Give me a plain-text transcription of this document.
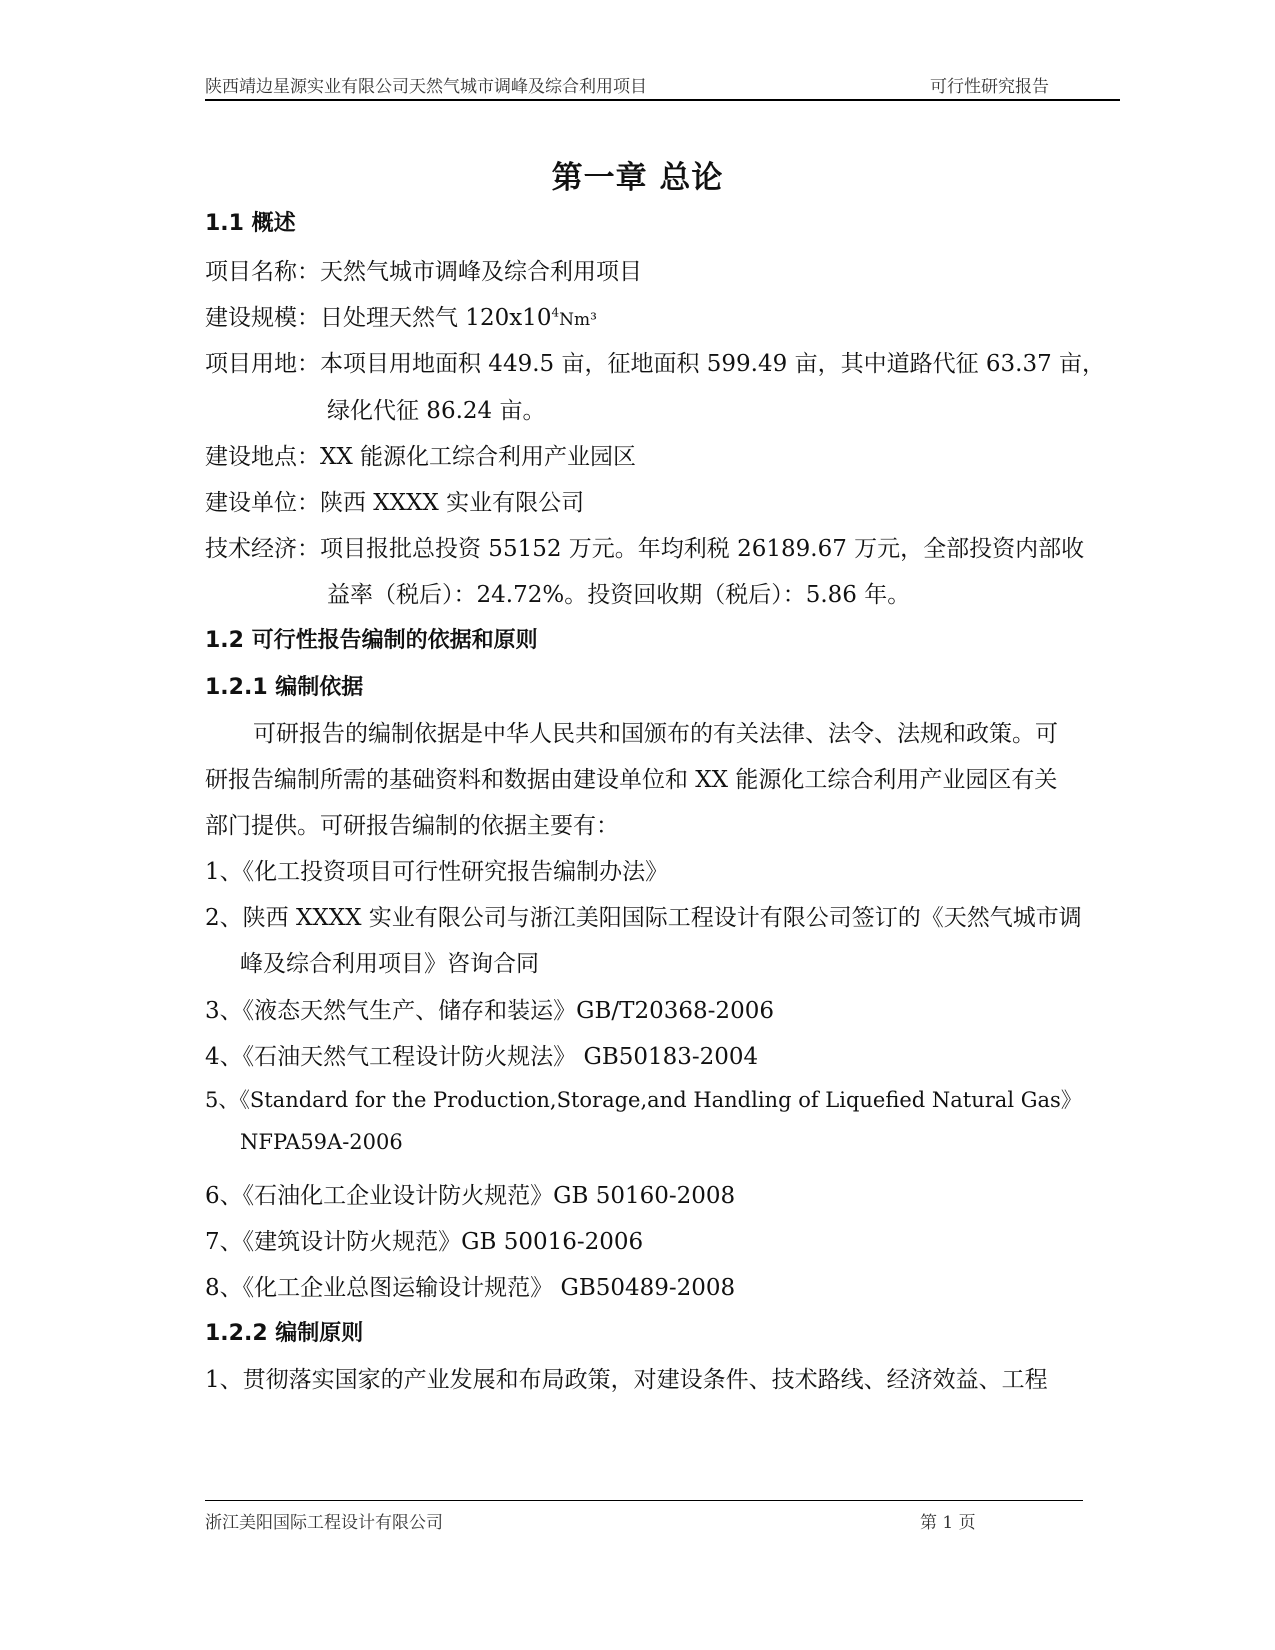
陕西靖边星源实业有限公司天然气城市调峰及综合利用项目	可行性研究报告
第一章 总论
1.1 概述
项目名称：天然气城市调峰及综合利用项目
建设规模：日处理天然气 $120x10^4Nm^3$
项目用地：本项目用地面积 449.5 亩，征地面积 599.49 亩，其中道路代征 63.37 亩，
绿化代征 86.24 亩。
建设地点：XX 能源化工综合利用产业园区
建设单位：陕西 XXXX 实业有限公司
技术经济：项目报批总投资 55152 万元。年均利税 26189.67 万元，全部投资内部收
益率（税后）：24.72%。投资回收期（税后）：5.86 年。
1.2 可行性报告编制的依据和原则
1.2.1 编制依据
可研报告的编制依据是中华人民共和国颁布的有关法律、法令、法规和政策。可
研报告编制所需的基础资料和数据由建设单位和 XX 能源化工综合利用产业园区有关
部门提供。可研报告编制的依据主要有：
1、《化工投资项目可行性研究报告编制办法》
2、陕西 XXXX 实业有限公司与浙江美阳国际工程设计有限公司签订的《天然气城市调
峰及综合利用项目》咨询合同
3、《液态天然气生产、储存和装运》GB/T20368-2006
4、《石油天然气工程设计防火规法》 GB50183-2004
5、《Standard for the Production,Storage,and Handling of Liquefied Natural Gas》
NFPA59A-2006
6、《石油化工企业设计防火规范》GB 50160-2008
7、《建筑设计防火规范》GB 50016-2006
8、《化工企业总图运输设计规范》 GB50489-2008
1.2.2 编制原则
1、贯彻落实国家的产业发展和布局政策，对建设条件、技术路线、经济效益、工程
浙江美阳国际工程设计有限公司	第 1 页
